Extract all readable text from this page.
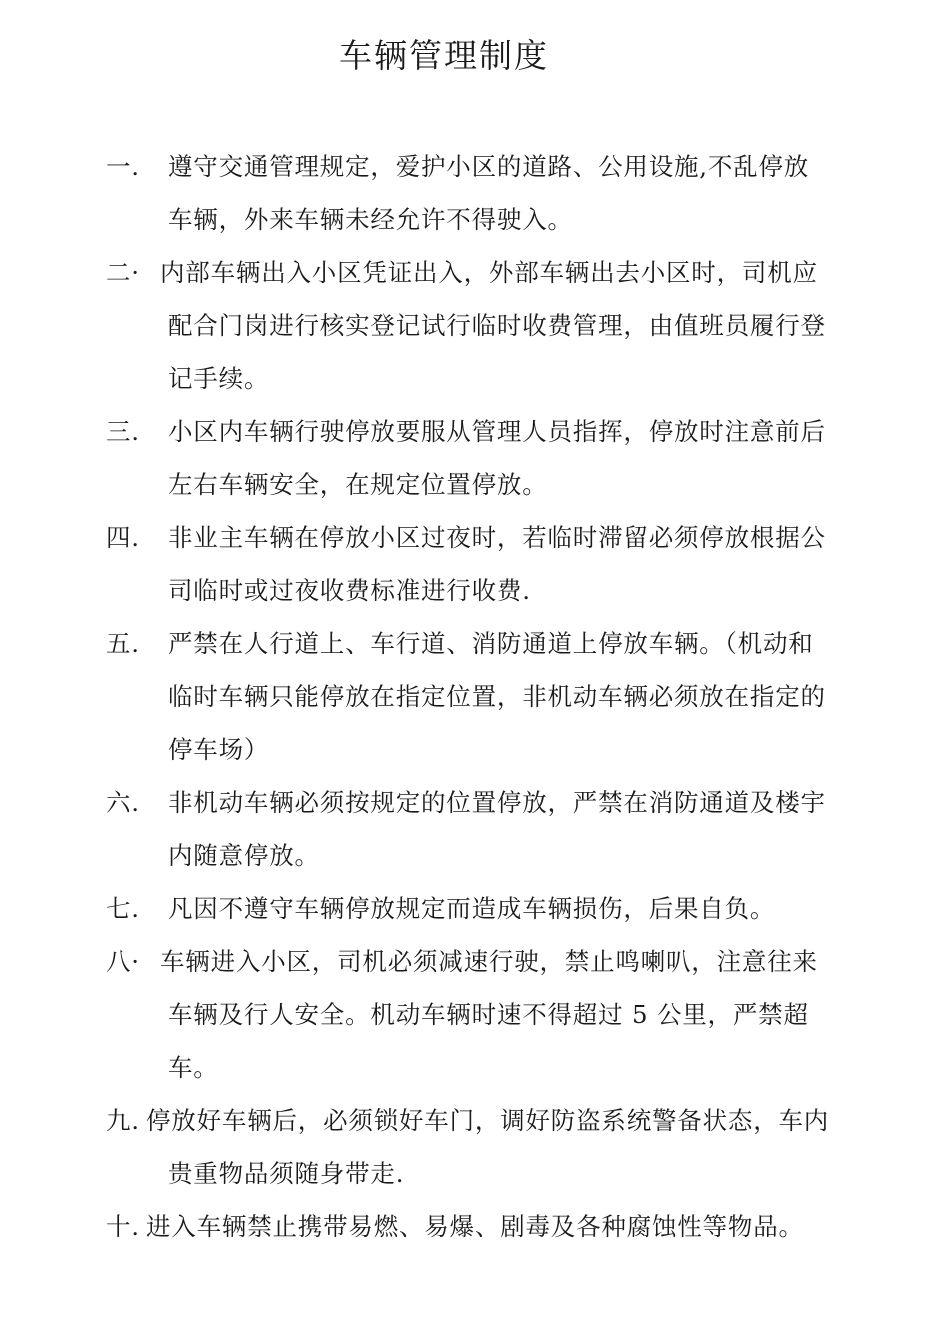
车辆管理制度
一. 遵守交通管理规定，爱护小区的道路、公用设施,不乱停放
车辆，外来车辆未经允许不得驶入。
二· 内部车辆出入小区凭证出入，外部车辆出去小区时，司机应
配合门岗进行核实登记试行临时收费管理，由值班员履行登
记手续。
三. 小区内车辆行驶停放要服从管理人员指挥，停放时注意前后
左右车辆安全，在规定位置停放。
四. 非业主车辆在停放小区过夜时，若临时滞留必须停放根据公
司临时或过夜收费标准进行收费.
五. 严禁在人行道上、车行道、消防通道上停放车辆。（机动和
临时车辆只能停放在指定位置，非机动车辆必须放在指定的
停车场）
六. 非机动车辆必须按规定的位置停放，严禁在消防通道及楼宇
内随意停放。
七. 凡因不遵守车辆停放规定而造成车辆损伤，后果自负。
八· 车辆进入小区，司机必须减速行驶，禁止鸣喇叭，注意往来
车辆及行人安全。机动车辆时速不得超过 5 公里，严禁超
车。
九. 停放好车辆后，必须锁好车门，调好防盗系统警备状态，车内
贵重物品须随身带走.
十. 进入车辆禁止携带易燃、易爆、剧毒及各种腐蚀性等物品。
